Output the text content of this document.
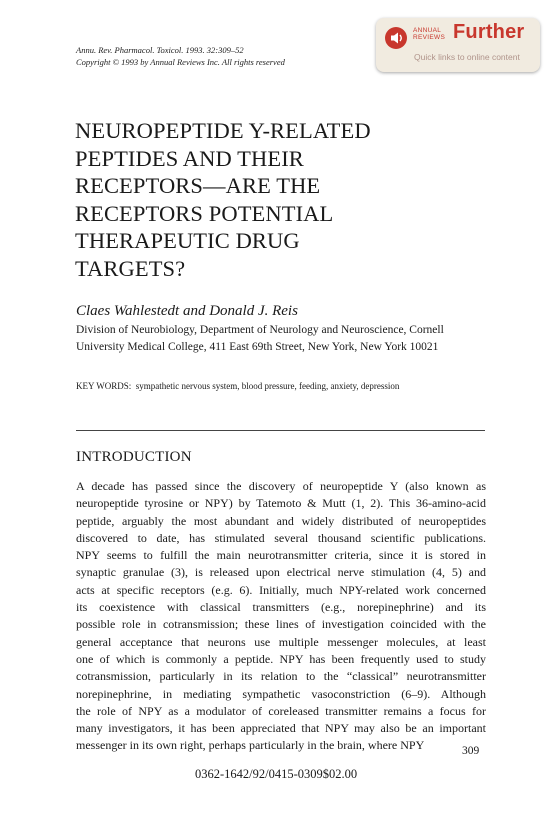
Annu. Rev. Pharmacol. Toxicol. 1993. 32:309–52
Copyright © 1993 by Annual Reviews Inc. All rights reserved
ANNUAL
REVIEWS Further
Quick links to online content
NEUROPEPTIDE Y-RELATED
PEPTIDES AND THEIR
RECEPTORS—ARE THE
RECEPTORS POTENTIAL
THERAPEUTIC DRUG
TARGETS?
Claes Wahlestedt and Donald J. Reis
Division of Neurobiology, Department of Neurology and Neuroscience, Cornell
University Medical College, 411 East 69th Street, New York, New York 10021
KEY WORDS: sympathetic nervous system, blood pressure, feeding, anxiety, depression
INTRODUCTION
A decade has passed since the discovery of neuropeptide Y (also known as
neuropeptide tyrosine or NPY) by Tatemoto & Mutt (1, 2). This 36-amino-acid
peptide, arguably the most abundant and widely distributed of neuropeptides
discovered to date, has stimulated several thousand scientific publications.
NPY seems to fulfill the main neurotransmitter criteria, since it is stored in
synaptic granulae (3), is released upon electrical nerve stimulation (4, 5) and
acts at specific receptors (e.g. 6). Initially, much NPY-related work concerned
its coexistence with classical transmitters (e.g., norepinephrine) and its
possible role in cotransmission; these lines of investigation coincided with the
general acceptance that neurons use multiple messenger molecules, at least
one of which is commonly a peptide. NPY has been frequently used to study
cotransmission, particularly in its relation to the “classical” neurotransmitter
norepinephrine, in mediating sympathetic vasoconstriction (6–9). Although
the role of NPY as a modulator of coreleased transmitter remains a focus for
many investigators, it has been appreciated that NPY may also be an important
messenger in its own right, perhaps particularly in the brain, where NPY	309
0362-1642/92/0415-0309$02.00
